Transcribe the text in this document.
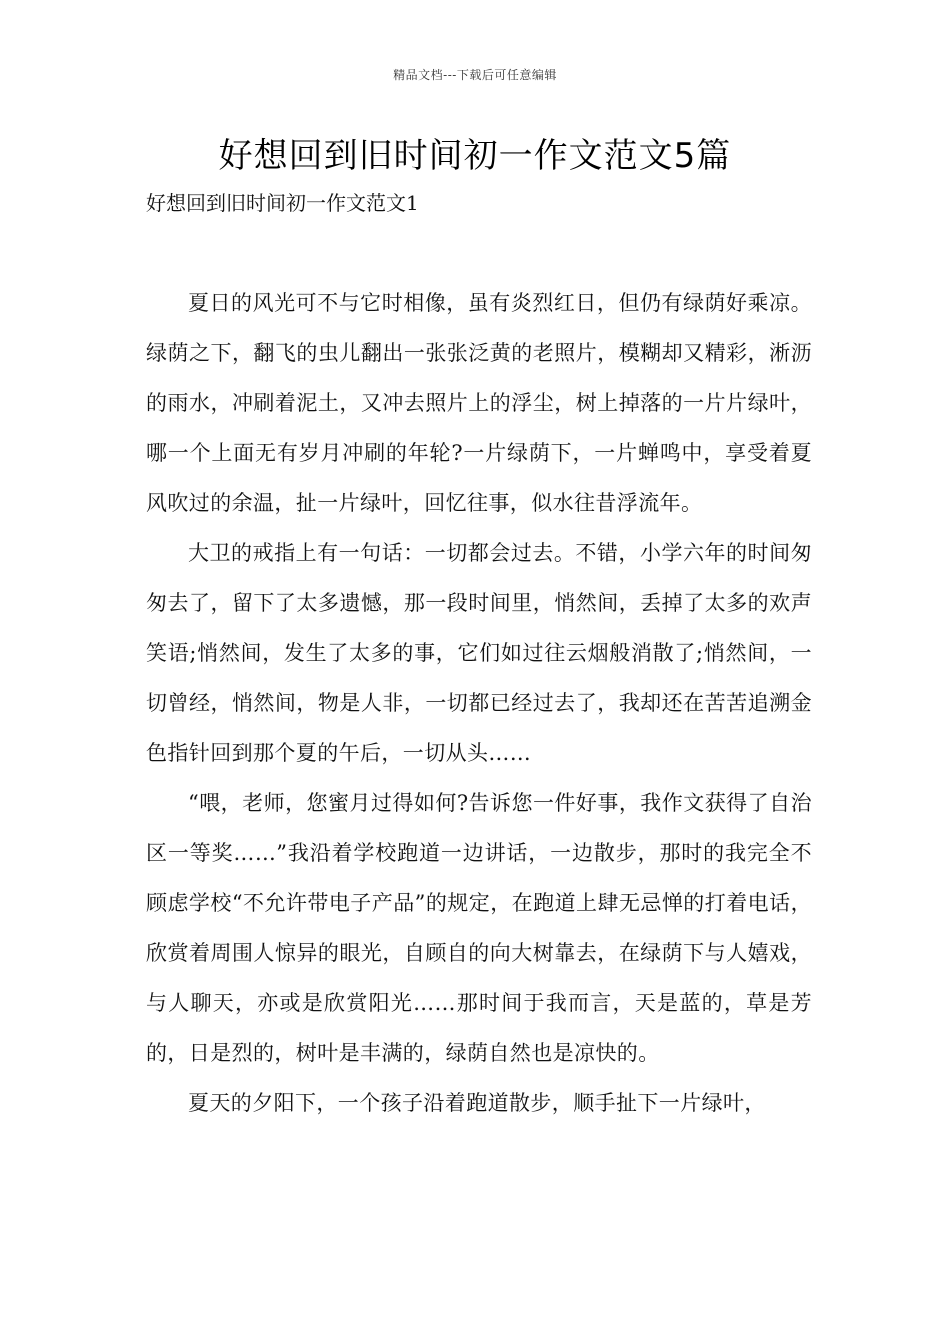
精品文档---下载后可任意编辑
好想回到旧时间初一作文范文5篇
好想回到旧时间初一作文范文1

夏日的风光可不与它时相像，虽有炎烈红日，但仍有绿荫好乘凉。绿荫之下，翻飞的虫儿翻出一张张泛黄的老照片，模糊却又精彩，淅沥的雨水，冲刷着泥土，又冲去照片上的浮尘，树上掉落的一片片绿叶，哪一个上面无有岁月冲刷的年轮?一片绿荫下，一片蝉鸣中，享受着夏风吹过的余温，扯一片绿叶，回忆往事，似水往昔浮流年。

大卫的戒指上有一句话：一切都会过去。不错，小学六年的时间匆匆去了，留下了太多遗憾，那一段时间里，悄然间，丢掉了太多的欢声笑语;悄然间，发生了太多的事，它们如过往云烟般消散了;悄然间，一切曾经，悄然间，物是人非，一切都已经过去了，我却还在苦苦追溯金色指针回到那个夏的午后，一切从头……

“喂，老师，您蜜月过得如何?告诉您一件好事，我作文获得了自治区一等奖……”我沿着学校跑道一边讲话，一边散步，那时的我完全不顾虑学校“不允许带电子产品”的规定，在跑道上肆无忌惮的打着电话，欣赏着周围人惊异的眼光，自顾自的向大树靠去，在绿荫下与人嬉戏，与人聊天，亦或是欣赏阳光……那时间于我而言，天是蓝的，草是芳的，日是烈的，树叶是丰满的，绿荫自然也是凉快的。

夏天的夕阳下，一个孩子沿着跑道散步，顺手扯下一片绿叶，
